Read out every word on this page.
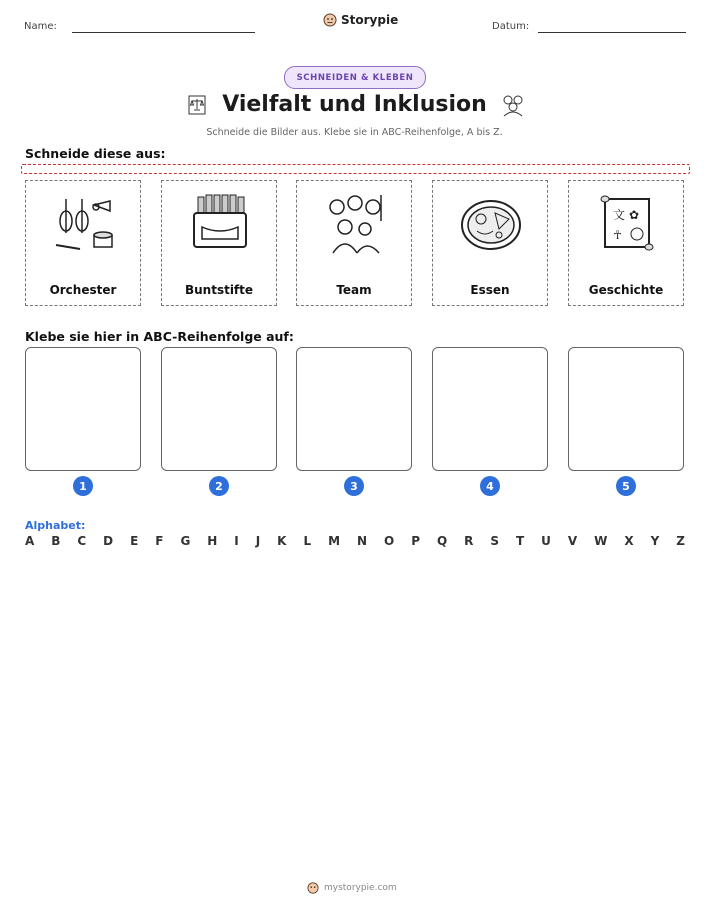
Name:	Storypie	Datum:
SCHNEIDEN & KLEBEN
Vielfalt und Inklusion
Schneide die Bilder aus. Klebe sie in ABC-Reihenfolge, A bis Z.
Schneide diese aus:
Orchester	Buntstifte	Team	Essen
文 ✿
☥
Geschichte
Klebe sie hier in ABC-Reihenfolge auf:
1	2	3	4	5
Alphabet:
A B C D E F G H I J K L M N O P Q R S T U V W X Y Z
mystorypie.com
